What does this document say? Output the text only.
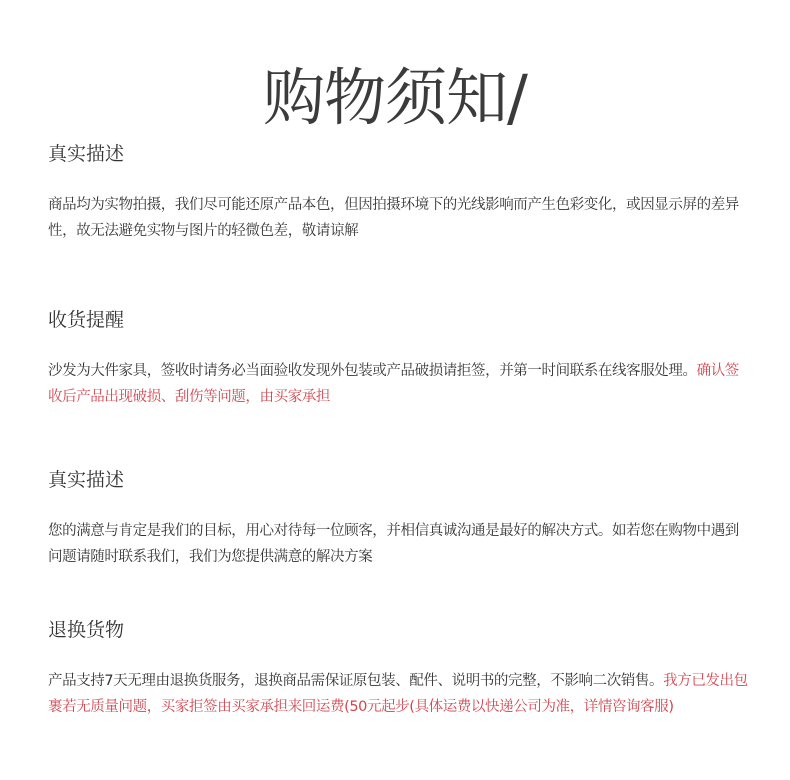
购物须知/
真实描述

商品均为实物拍摄，我们尽可能还原产品本色，但因拍摄环境下的光线影响而产生色彩变化，或因显示屏的差异性，故无法避免实物与图片的轻微色差，敬请谅解

收货提醒

沙发为大件家具，签收时请务必当面验收发现外包装或产品破损请拒签，并第一时间联系在线客服处理。确认签收后产品出现破损、刮伤等问题，由买家承担

真实描述

您的满意与肯定是我们的目标，用心对待每一位顾客，并相信真诚沟通是最好的解决方式。如若您在购物中遇到问题请随时联系我们，我们为您提供满意的解决方案

退换货物

产品支持7天无理由退换货服务，退换商品需保证原包装、配件、说明书的完整，不影响二次销售。我方已发出包裹若无质量问题，买家拒签由买家承担来回运费(50元起步(具体运费以快递公司为准，详情咨询客服)
